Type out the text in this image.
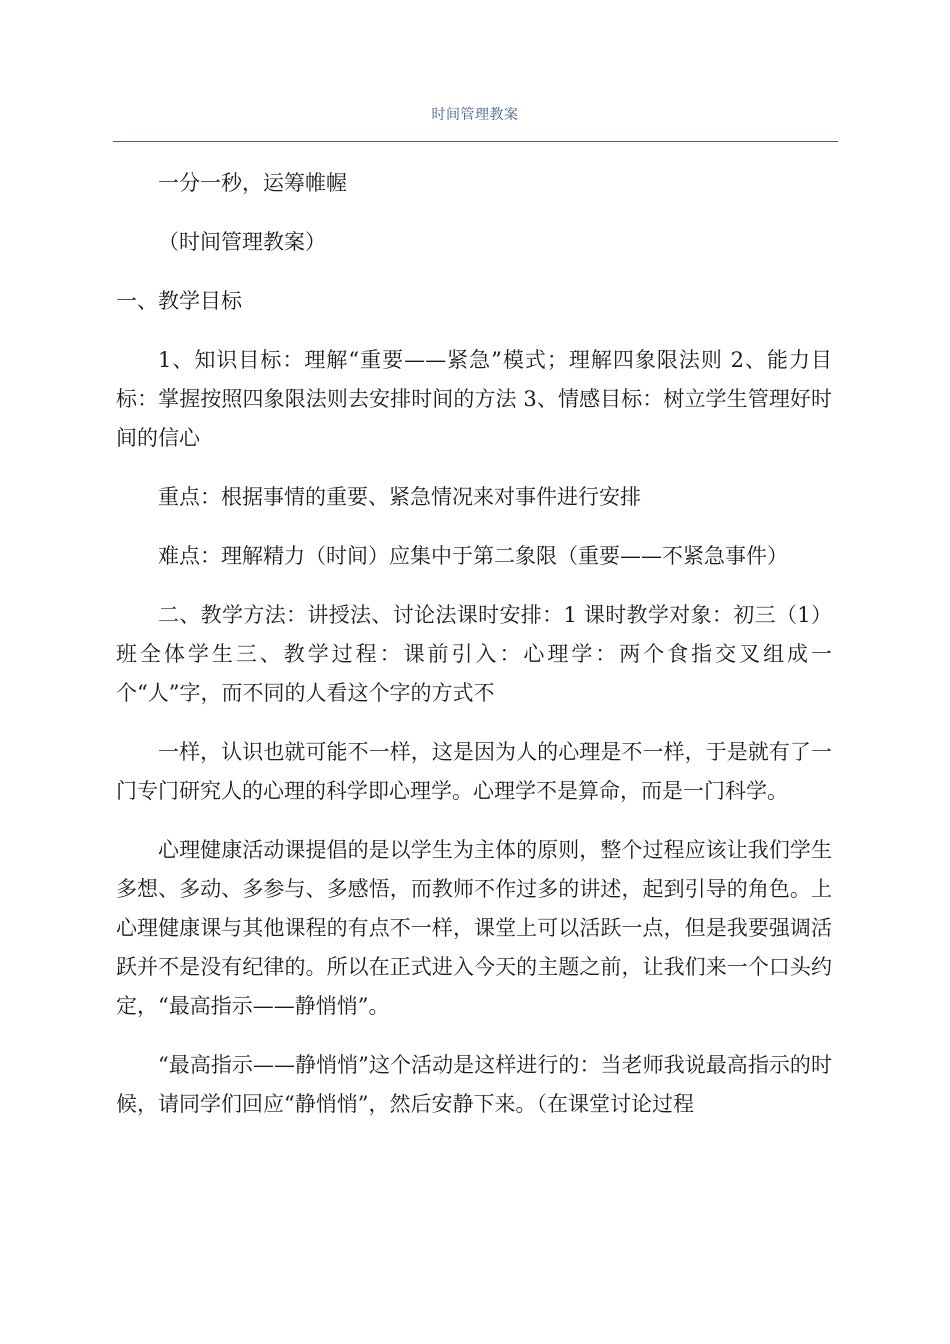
时间管理教案

一分一秒，运筹帷幄

（时间管理教案）

一、教学目标

1、知识目标：理解“重要——紧急”模式；理解四象限法则 2、能力目标：掌握按照四象限法则去安排时间的方法 3、情感目标：树立学生管理好时间的信心

重点：根据事情的重要、紧急情况来对事件进行安排

难点：理解精力（时间）应集中于第二象限（重要——不紧急事件）

二、教学方法：讲授法、讨论法课时安排：1 课时教学对象：初三（1）班全体学生三、教学过程：课前引入：心理学：两个食指交叉组成一个“人”字，而不同的人看这个字的方式不

一样，认识也就可能不一样，这是因为人的心理是不一样，于是就有了一门专门研究人的心理的科学即心理学。心理学不是算命，而是一门科学。

心理健康活动课提倡的是以学生为主体的原则，整个过程应该让我们学生多想、多动、多参与、多感悟，而教师不作过多的讲述，起到引导的角色。上心理健康课与其他课程的有点不一样，课堂上可以活跃一点，但是我要强调活跃并不是没有纪律的。所以在正式进入今天的主题之前，让我们来一个口头约定，“最高指示——静悄悄”。

“最高指示——静悄悄”这个活动是这样进行的：当老师我说最高指示的时候，请同学们回应“静悄悄”，然后安静下来。（在课堂讨论过程
